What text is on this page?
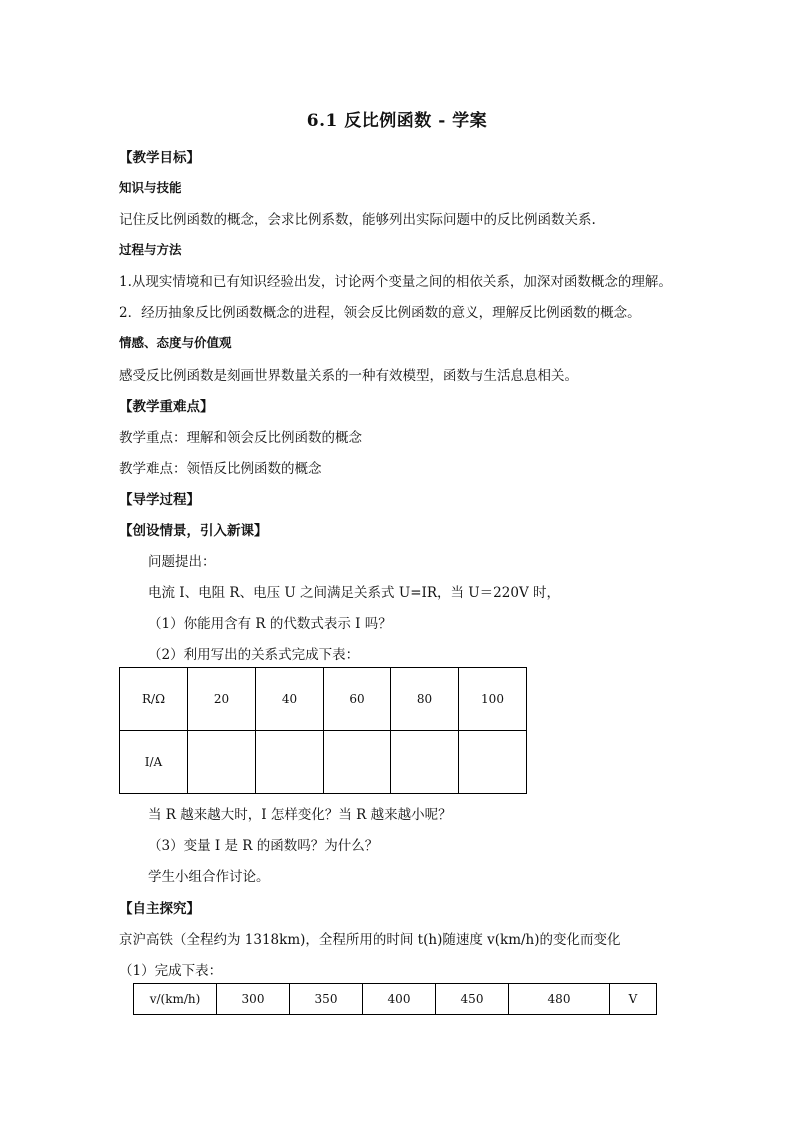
6.1 反比例函数 - 学案
【教学目标】
知识与技能
记住反比例函数的概念，会求比例系数，能够列出实际问题中的反比例函数关系.
过程与方法
1.从现实情境和已有知识经验出发，讨论两个变量之间的相依关系，加深对函数概念的理解。
2．经历抽象反比例函数概念的进程，领会反比例函数的意义，理解反比例函数的概念。
情感、态度与价值观
感受反比例函数是刻画世界数量关系的一种有效模型，函数与生活息息相关。
【教学重难点】
教学重点：理解和领会反比例函数的概念
教学难点：领悟反比例函数的概念
【导学过程】
【创设情景，引入新课】
问题提出：
电流 I、电阻 R、电压 U 之间满足关系式 U=IR，当 U＝220V 时，
（1）你能用含有 R 的代数式表示 I 吗？
（2）利用写出的关系式完成下表：
R/Ω	20	40	60	80	100
I/A					
当 R 越来越大时，I 怎样变化？当 R 越来越小呢？
（3）变量 I 是 R 的函数吗？为什么？
学生小组合作讨论。
【自主探究】
京沪高铁（全程约为 1318km)，全程所用的时间 t(h)随速度 v(km/h)的变化而变化
（1）完成下表：
v/(km/h)	300	350	400	450	480	V
